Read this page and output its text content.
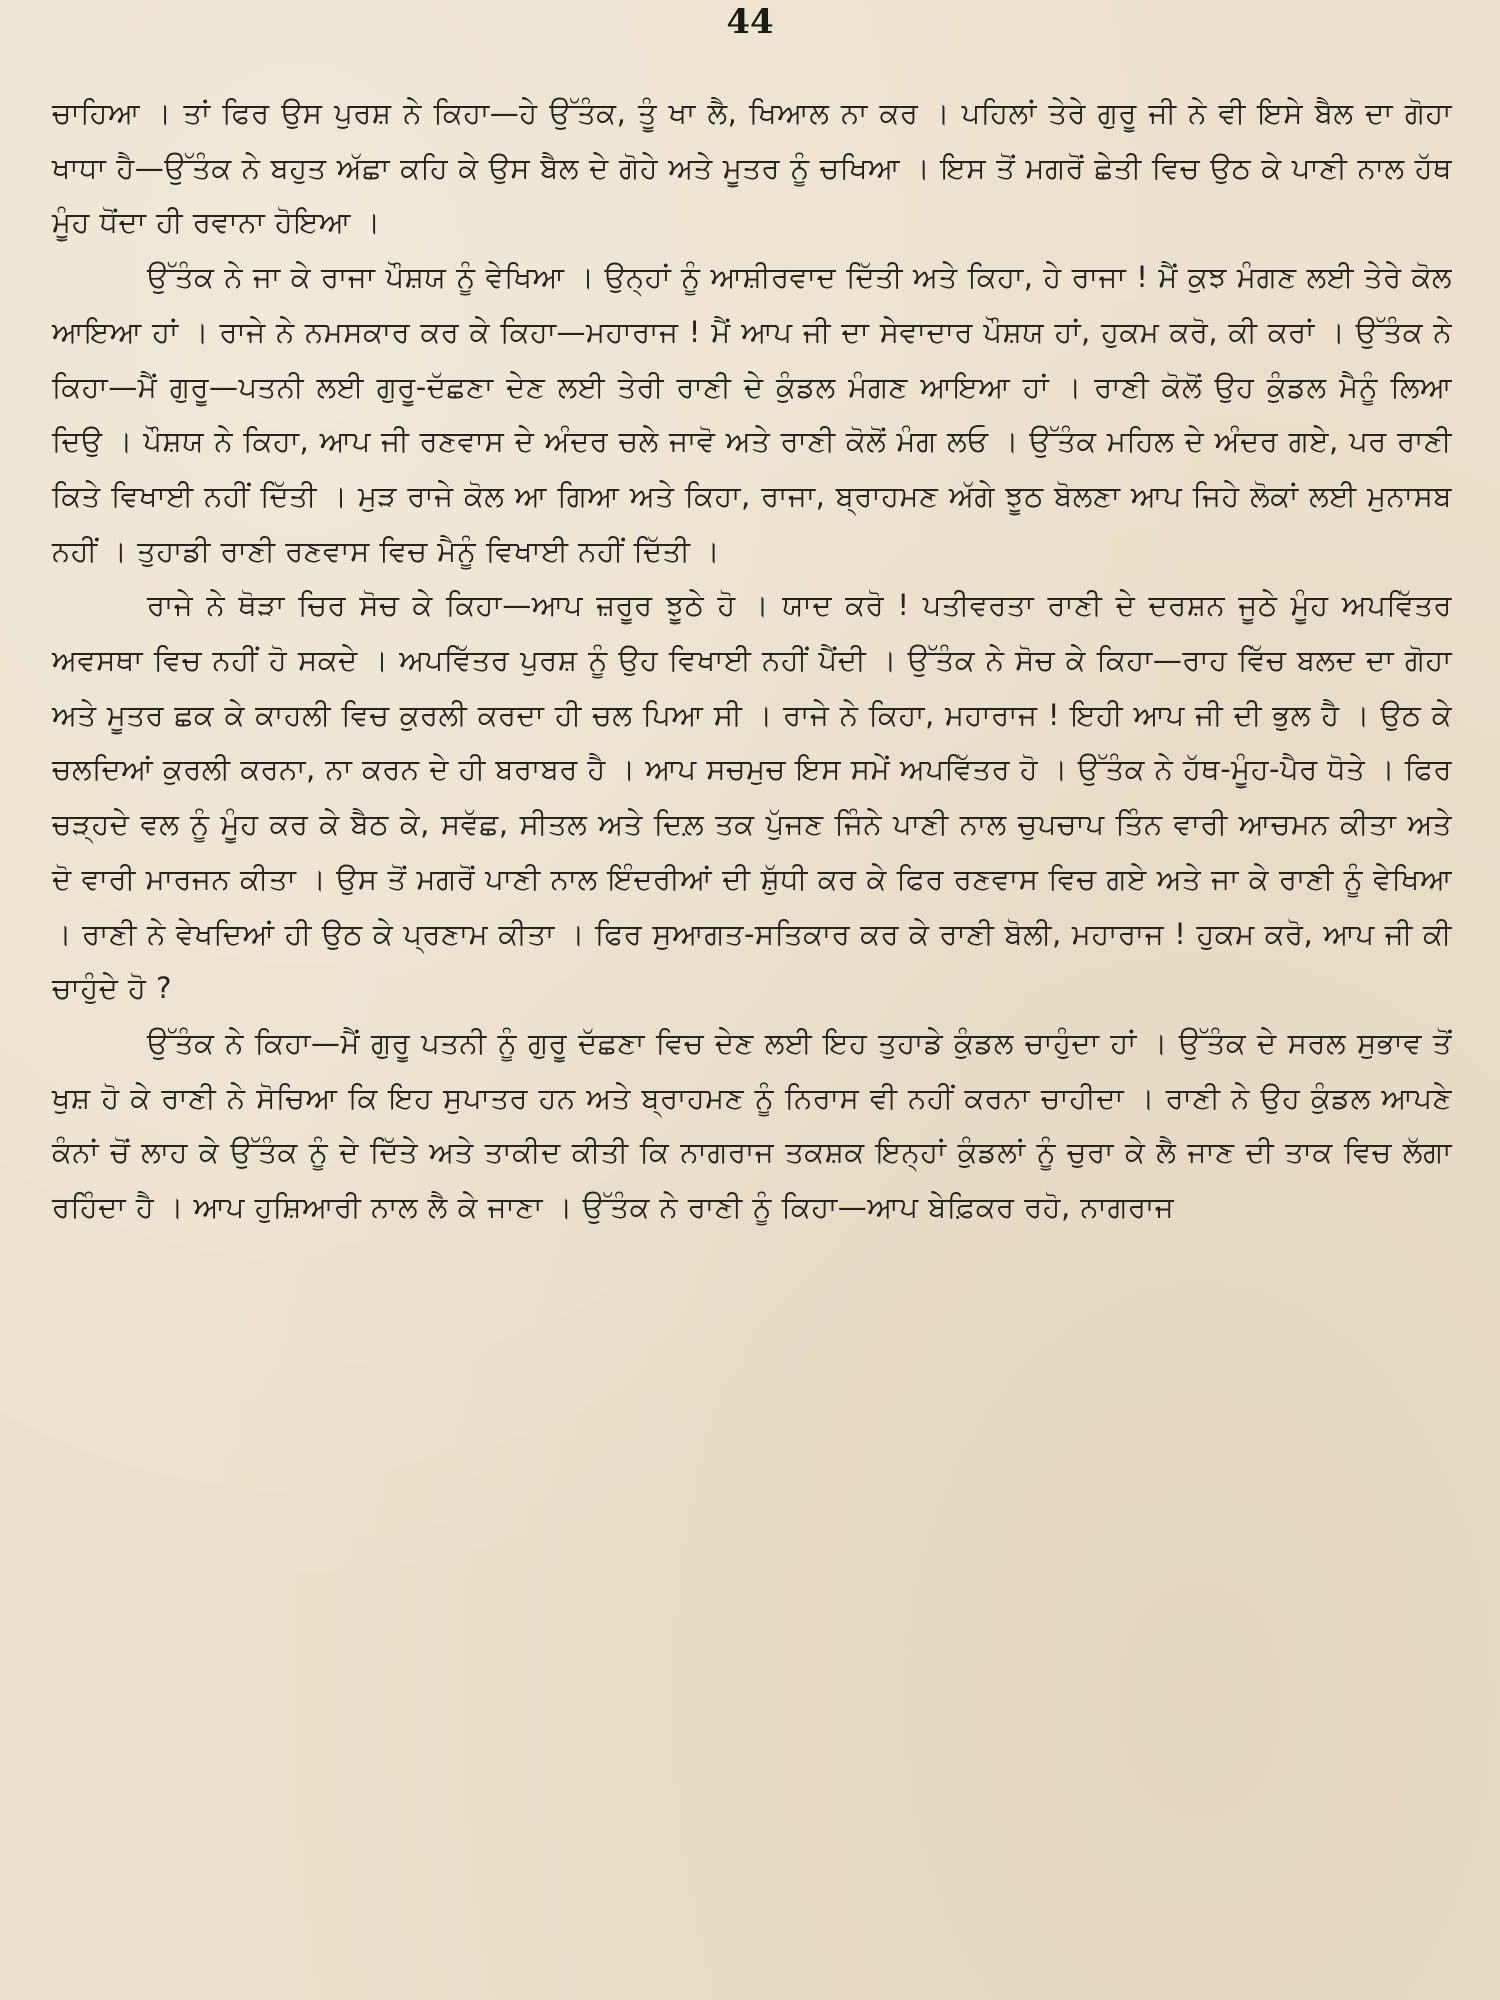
44

ਚਾਹਿਆ । ਤਾਂ ਫਿਰ ਉਸ ਪੁਰਸ਼ ਨੇ ਕਿਹਾ—ਹੇ ਉੱਤੰਕ, ਤੂੰ ਖਾ ਲੈ, ਖਿਆਲ ਨਾ ਕਰ । ਪਹਿਲਾਂ ਤੇਰੇ ਗੁਰੂ ਜੀ ਨੇ ਵੀ ਇਸੇ ਬੈਲ ਦਾ ਗੋਹਾ ਖਾਧਾ ਹੈ—ਉੱਤੰਕ ਨੇ ਬਹੁਤ ਅੱਛਾ ਕਹਿ ਕੇ ਉਸ ਬੈਲ ਦੇ ਗੋਹੇ ਅਤੇ ਮੂਤਰ ਨੂੰ ਚਖਿਆ । ਇਸ ਤੋਂ ਮਗਰੋਂ ਛੇਤੀ ਵਿਚ ਉਠ ਕੇ ਪਾਣੀ ਨਾਲ ਹੱਥ ਮੂੰਹ ਧੋਂਦਾ ਹੀ ਰਵਾਨਾ ਹੋਇਆ ।

ਉੱਤੰਕ ਨੇ ਜਾ ਕੇ ਰਾਜਾ ਪੌਸ਼ਯ ਨੂੰ ਵੇਖਿਆ । ਉਨ੍ਹਾਂ ਨੂੰ ਆਸ਼ੀਰਵਾਦ ਦਿੱਤੀ ਅਤੇ ਕਿਹਾ, ਹੇ ਰਾਜਾ ! ਮੈਂ ਕੁਝ ਮੰਗਣ ਲਈ ਤੇਰੇ ਕੋਲ ਆਇਆ ਹਾਂ । ਰਾਜੇ ਨੇ ਨਮਸਕਾਰ ਕਰ ਕੇ ਕਿਹਾ—ਮਹਾਰਾਜ ! ਮੈਂ ਆਪ ਜੀ ਦਾ ਸੇਵਾਦਾਰ ਪੌਸ਼ਯ ਹਾਂ, ਹੁਕਮ ਕਰੋ, ਕੀ ਕਰਾਂ । ਉੱਤੰਕ ਨੇ ਕਿਹਾ—ਮੈਂ ਗੁਰੂ—ਪਤਨੀ ਲਈ ਗੁਰੂ-ਦੱਛਣਾ ਦੇਣ ਲਈ ਤੇਰੀ ਰਾਣੀ ਦੇ ਕੁੰਡਲ ਮੰਗਣ ਆਇਆ ਹਾਂ । ਰਾਣੀ ਕੋਲੋਂ ਉਹ ਕੁੰਡਲ ਮੈਨੂੰ ਲਿਆ ਦਿਉ । ਪੌਸ਼ਯ ਨੇ ਕਿਹਾ, ਆਪ ਜੀ ਰਣਵਾਸ ਦੇ ਅੰਦਰ ਚਲੇ ਜਾਵੋ ਅਤੇ ਰਾਣੀ ਕੋਲੋਂ ਮੰਗ ਲਓ । ਉੱਤੰਕ ਮਹਿਲ ਦੇ ਅੰਦਰ ਗਏ, ਪਰ ਰਾਣੀ ਕਿਤੇ ਵਿਖਾਈ ਨਹੀਂ ਦਿੱਤੀ । ਮੁੜ ਰਾਜੇ ਕੋਲ ਆ ਗਿਆ ਅਤੇ ਕਿਹਾ, ਰਾਜਾ, ਬ੍ਰਾਹਮਣ ਅੱਗੇ ਝੂਠ ਬੋਲਣਾ ਆਪ ਜਿਹੇ ਲੋਕਾਂ ਲਈ ਮੁਨਾਸਬ ਨਹੀਂ । ਤੁਹਾਡੀ ਰਾਣੀ ਰਣਵਾਸ ਵਿਚ ਮੈਨੂੰ ਵਿਖਾਈ ਨਹੀਂ ਦਿੱਤੀ ।

ਰਾਜੇ ਨੇ ਥੋੜਾ ਚਿਰ ਸੋਚ ਕੇ ਕਿਹਾ—ਆਪ ਜ਼ਰੂਰ ਝੂਠੇ ਹੋ । ਯਾਦ ਕਰੋ ! ਪਤੀਵਰਤਾ ਰਾਣੀ ਦੇ ਦਰਸ਼ਨ ਜੂਠੇ ਮੂੰਹ ਅਪਵਿੱਤਰ ਅਵਸਥਾ ਵਿਚ ਨਹੀਂ ਹੋ ਸਕਦੇ । ਅਪਵਿੱਤਰ ਪੁਰਸ਼ ਨੂੰ ਉਹ ਵਿਖਾਈ ਨਹੀਂ ਪੈਂਦੀ । ਉੱਤੰਕ ਨੇ ਸੋਚ ਕੇ ਕਿਹਾ—ਰਾਹ ਵਿੱਚ ਬਲਦ ਦਾ ਗੋਹਾ ਅਤੇ ਮੂਤਰ ਛਕ ਕੇ ਕਾਹਲੀ ਵਿਚ ਕੁਰਲੀ ਕਰਦਾ ਹੀ ਚਲ ਪਿਆ ਸੀ । ਰਾਜੇ ਨੇ ਕਿਹਾ, ਮਹਾਰਾਜ ! ਇਹੀ ਆਪ ਜੀ ਦੀ ਭੁਲ ਹੈ । ਉਠ ਕੇ ਚਲਦਿਆਂ ਕੁਰਲੀ ਕਰਨਾ, ਨਾ ਕਰਨ ਦੇ ਹੀ ਬਰਾਬਰ ਹੈ । ਆਪ ਸਚਮੁਚ ਇਸ ਸਮੇਂ ਅਪਵਿੱਤਰ ਹੋ । ਉੱਤੰਕ ਨੇ ਹੱਥ-ਮੂੰਹ-ਪੈਰ ਧੋਤੇ । ਫਿਰ ਚੜ੍ਹਦੇ ਵਲ ਨੂੰ ਮੂੰਹ ਕਰ ਕੇ ਬੈਠ ਕੇ, ਸਵੱਛ, ਸੀਤਲ ਅਤੇ ਦਿਲ਼ ਤਕ ਪੁੱਜਣ ਜਿੰਨੇ ਪਾਣੀ ਨਾਲ ਚੁਪਚਾਪ ਤਿੰਨ ਵਾਰੀ ਆਚਮਨ ਕੀਤਾ ਅਤੇ ਦੋ ਵਾਰੀ ਮਾਰਜਨ ਕੀਤਾ । ਉਸ ਤੋਂ ਮਗਰੋਂ ਪਾਣੀ ਨਾਲ ਇੰਦਰੀਆਂ ਦੀ ਸ਼ੁੱਧੀ ਕਰ ਕੇ ਫਿਰ ਰਣਵਾਸ ਵਿਚ ਗਏ ਅਤੇ ਜਾ ਕੇ ਰਾਣੀ ਨੂੰ ਵੇਖਿਆ । ਰਾਣੀ ਨੇ ਵੇਖਦਿਆਂ ਹੀ ਉਠ ਕੇ ਪ੍ਰਣਾਮ ਕੀਤਾ । ਫਿਰ ਸੁਆਗਤ-ਸਤਿਕਾਰ ਕਰ ਕੇ ਰਾਣੀ ਬੋਲੀ, ਮਹਾਰਾਜ ! ਹੁਕਮ ਕਰੋ, ਆਪ ਜੀ ਕੀ ਚਾਹੁੰਦੇ ਹੋ ?

ਉੱਤੰਕ ਨੇ ਕਿਹਾ—ਮੈਂ ਗੁਰੂ ਪਤਨੀ ਨੂੰ ਗੁਰੂ ਦੱਛਣਾ ਵਿਚ ਦੇਣ ਲਈ ਇਹ ਤੁਹਾਡੇ ਕੁੰਡਲ ਚਾਹੁੰਦਾ ਹਾਂ । ਉੱਤੰਕ ਦੇ ਸਰਲ ਸੁਭਾਵ ਤੋਂ ਖੁਸ਼ ਹੋ ਕੇ ਰਾਣੀ ਨੇ ਸੋਚਿਆ ਕਿ ਇਹ ਸੁਪਾਤਰ ਹਨ ਅਤੇ ਬ੍ਰਾਹਮਣ ਨੂੰ ਨਿਰਾਸ ਵੀ ਨਹੀਂ ਕਰਨਾ ਚਾਹੀਦਾ । ਰਾਣੀ ਨੇ ਉਹ ਕੁੰਡਲ ਆਪਣੇ ਕੰਨਾਂ ਚੋਂ ਲਾਹ ਕੇ ਉੱਤੰਕ ਨੂੰ ਦੇ ਦਿੱਤੇ ਅਤੇ ਤਾਕੀਦ ਕੀਤੀ ਕਿ ਨਾਗਰਾਜ ਤਕਸ਼ਕ ਇਨ੍ਹਾਂ ਕੁੰਡਲਾਂ ਨੂੰ ਚੁਰਾ ਕੇ ਲੈ ਜਾਣ ਦੀ ਤਾਕ ਵਿਚ ਲੱਗਾ ਰਹਿੰਦਾ ਹੈ । ਆਪ ਹੁਸ਼ਿਆਰੀ ਨਾਲ ਲੈ ਕੇ ਜਾਣਾ । ਉੱਤੰਕ ਨੇ ਰਾਣੀ ਨੂੰ ਕਿਹਾ—ਆਪ ਬੇਫ਼ਿਕਰ ਰਹੋ, ਨਾਗਰਾਜ
